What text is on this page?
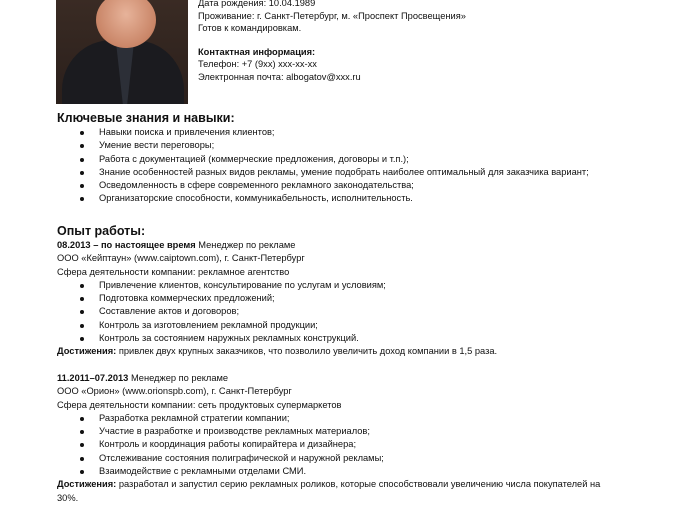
Дата рождения: 10.04.1989
Проживание: г. Санкт-Петербург, м. «Проспект Просвещения»
Готов к командировкам.
Контактная информация:
Телефон: +7 (9xx) xxx-xx-xx
Электронная почта: albogatov@xxx.ru
Ключевые знания и навыки:
Навыки поиска и привлечения клиентов;
Умение вести переговоры;
Работа с документацией (коммерческие предложения, договоры и т.п.);
Знание особенностей разных видов рекламы, умение подобрать наиболее оптимальный для заказчика вариант;
Осведомленность в сфере современного рекламного законодательства;
Организаторские способности, коммуникабельность, исполнительность.
Опыт работы:
08.2013 – по настоящее время Менеджер по рекламе
ООО «Кейптаун» (www.caiptown.com), г. Санкт-Петербург
Сфера деятельности компании: рекламное агентство
Привлечение клиентов, консультирование по услугам и условиям;
Подготовка коммерческих предложений;
Составление актов и договоров;
Контроль за изготовлением рекламной продукции;
Контроль за состоянием наружных рекламных конструкций.
Достижения: привлек двух крупных заказчиков, что позволило увеличить доход компании в 1,5 раза.
11.2011–07.2013 Менеджер по рекламе
ООО «Орион» (www.orionspb.com), г. Санкт-Петербург
Сфера деятельности компании: сеть продуктовых супермаркетов
Разработка рекламной стратегии компании;
Участие в разработке и производстве рекламных материалов;
Контроль и координация работы копирайтера и дизайнера;
Отслеживание состояния полиграфической и наружной рекламы;
Взаимодействие с рекламными отделами СМИ.
Достижения: разработал и запустил серию рекламных роликов, которые способствовали увеличению числа покупателей на 30%.
